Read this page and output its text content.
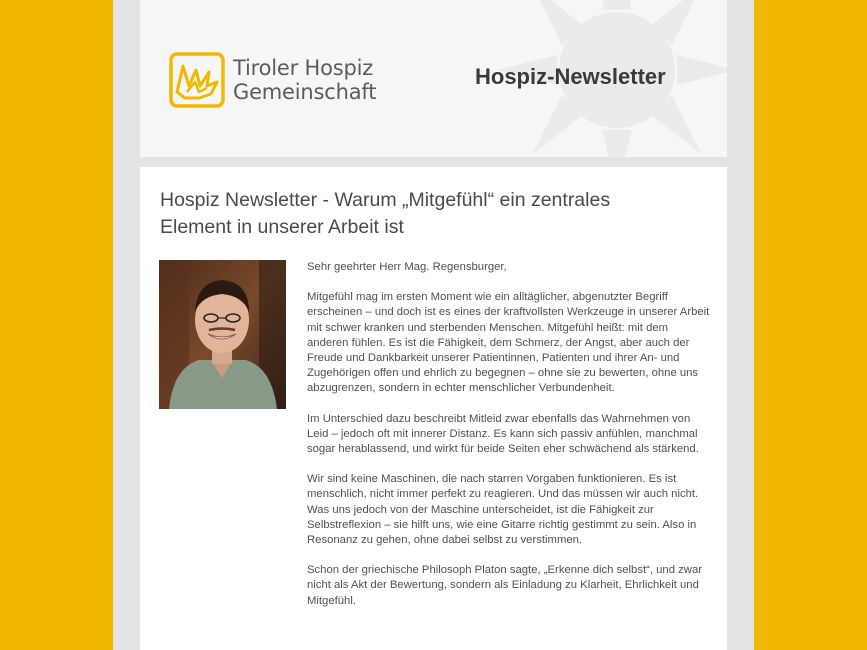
Tiroler Hospiz
Gemeinschaft
Hospiz-Newsletter
Hospiz Newsletter - Warum „Mitgefühl“ ein zentrales Element in unserer Arbeit ist

Sehr geehrter Herr Mag. Regensburger,

Mitgefühl mag im ersten Moment wie ein alltäglicher, abgenutzter Begriff erscheinen – und doch ist es eines der kraftvollsten Werkzeuge in unserer Arbeit mit schwer kranken und sterbenden Menschen. Mitgefühl heißt: mit dem anderen fühlen. Es ist die Fähigkeit, dem Schmerz, der Angst, aber auch der Freude und Dankbarkeit unserer Patientinnen, Patienten und ihrer An- und Zugehörigen offen und ehrlich zu begegnen – ohne sie zu bewerten, ohne uns abzugrenzen, sondern in echter menschlicher Verbundenheit.

Im Unterschied dazu beschreibt Mitleid zwar ebenfalls das Wahrnehmen von Leid – jedoch oft mit innerer Distanz. Es kann sich passiv anfühlen, manchmal sogar herablassend, und wirkt für beide Seiten eher schwächend als stärkend.

Wir sind keine Maschinen, die nach starren Vorgaben funktionieren. Es ist menschlich, nicht immer perfekt zu reagieren. Und das müssen wir auch nicht. Was uns jedoch von der Maschine unterscheidet, ist die Fähigkeit zur Selbstreflexion – sie hilft uns, wie eine Gitarre richtig gestimmt zu sein. Also in Resonanz zu gehen, ohne dabei selbst zu verstimmen.

Schon der griechische Philosoph Platon sagte, „Erkenne dich selbst“, und zwar nicht als Akt der Bewertung, sondern als Einladung zu Klarheit, Ehrlichkeit und Mitgefühl.
